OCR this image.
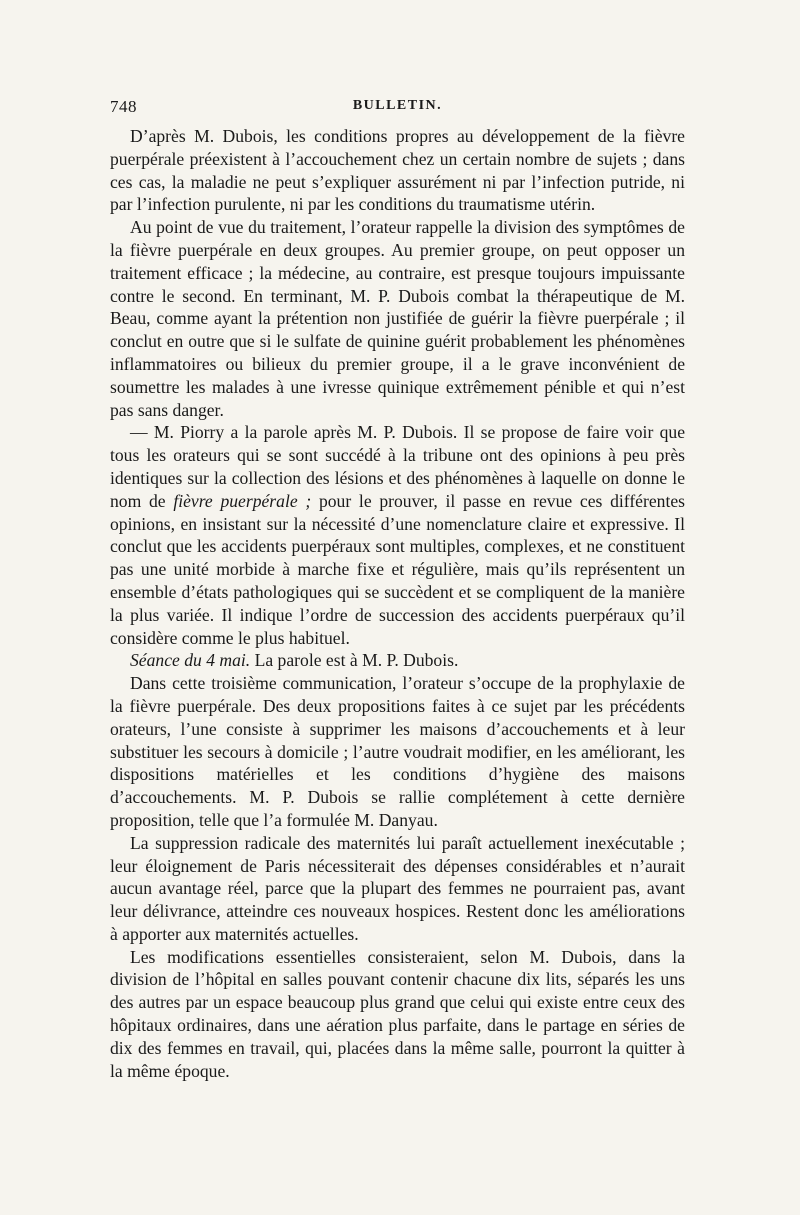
748	BULLETIN.

D’après M. Dubois, les conditions propres au développement de la fièvre puerpérale préexistent à l’accouchement chez un certain nombre de sujets ; dans ces cas, la maladie ne peut s’expliquer assurément ni par l’infection putride, ni par l’infection purulente, ni par les conditions du traumatisme utérin.

Au point de vue du traitement, l’orateur rappelle la division des symptômes de la fièvre puerpérale en deux groupes. Au premier groupe, on peut opposer un traitement efficace ; la médecine, au contraire, est presque toujours impuissante contre le second. En terminant, M. P. Dubois combat la thérapeutique de M. Beau, comme ayant la prétention non justifiée de guérir la fièvre puerpérale ; il conclut en outre que si le sulfate de quinine guérit probablement les phénomènes inflammatoires ou bilieux du premier groupe, il a le grave inconvénient de soumettre les malades à une ivresse quinique extrêmement pénible et qui n’est pas sans danger.

— M. Piorry a la parole après M. P. Dubois. Il se propose de faire voir que tous les orateurs qui se sont succédé à la tribune ont des opinions à peu près identiques sur la collection des lésions et des phénomènes à laquelle on donne le nom de fièvre puerpérale ; pour le prouver, il passe en revue ces différentes opinions, en insistant sur la nécessité d’une nomenclature claire et expressive. Il conclut que les accidents puerpéraux sont multiples, complexes, et ne constituent pas une unité morbide à marche fixe et régulière, mais qu’ils représentent un ensemble d’états pathologiques qui se succèdent et se compliquent de la manière la plus variée. Il indique l’ordre de succession des accidents puerpéraux qu’il considère comme le plus habituel.

Séance du 4 mai. La parole est à M. P. Dubois.

Dans cette troisième communication, l’orateur s’occupe de la prophylaxie de la fièvre puerpérale. Des deux propositions faites à ce sujet par les précédents orateurs, l’une consiste à supprimer les maisons d’accouchements et à leur substituer les secours à domicile ; l’autre voudrait modifier, en les améliorant, les dispositions matérielles et les conditions d’hygiène des maisons d’accouchements. M. P. Dubois se rallie complétement à cette dernière proposition, telle que l’a formulée M. Danyau.

La suppression radicale des maternités lui paraît actuellement inexécutable ; leur éloignement de Paris nécessiterait des dépenses considérables et n’aurait aucun avantage réel, parce que la plupart des femmes ne pourraient pas, avant leur délivrance, atteindre ces nouveaux hospices. Restent donc les améliorations à apporter aux maternités actuelles.

Les modifications essentielles consisteraient, selon M. Dubois, dans la division de l’hôpital en salles pouvant contenir chacune dix lits, séparés les uns des autres par un espace beaucoup plus grand que celui qui existe entre ceux des hôpitaux ordinaires, dans une aération plus parfaite, dans le partage en séries de dix des femmes en travail, qui, placées dans la même salle, pourront la quitter à la même époque.
